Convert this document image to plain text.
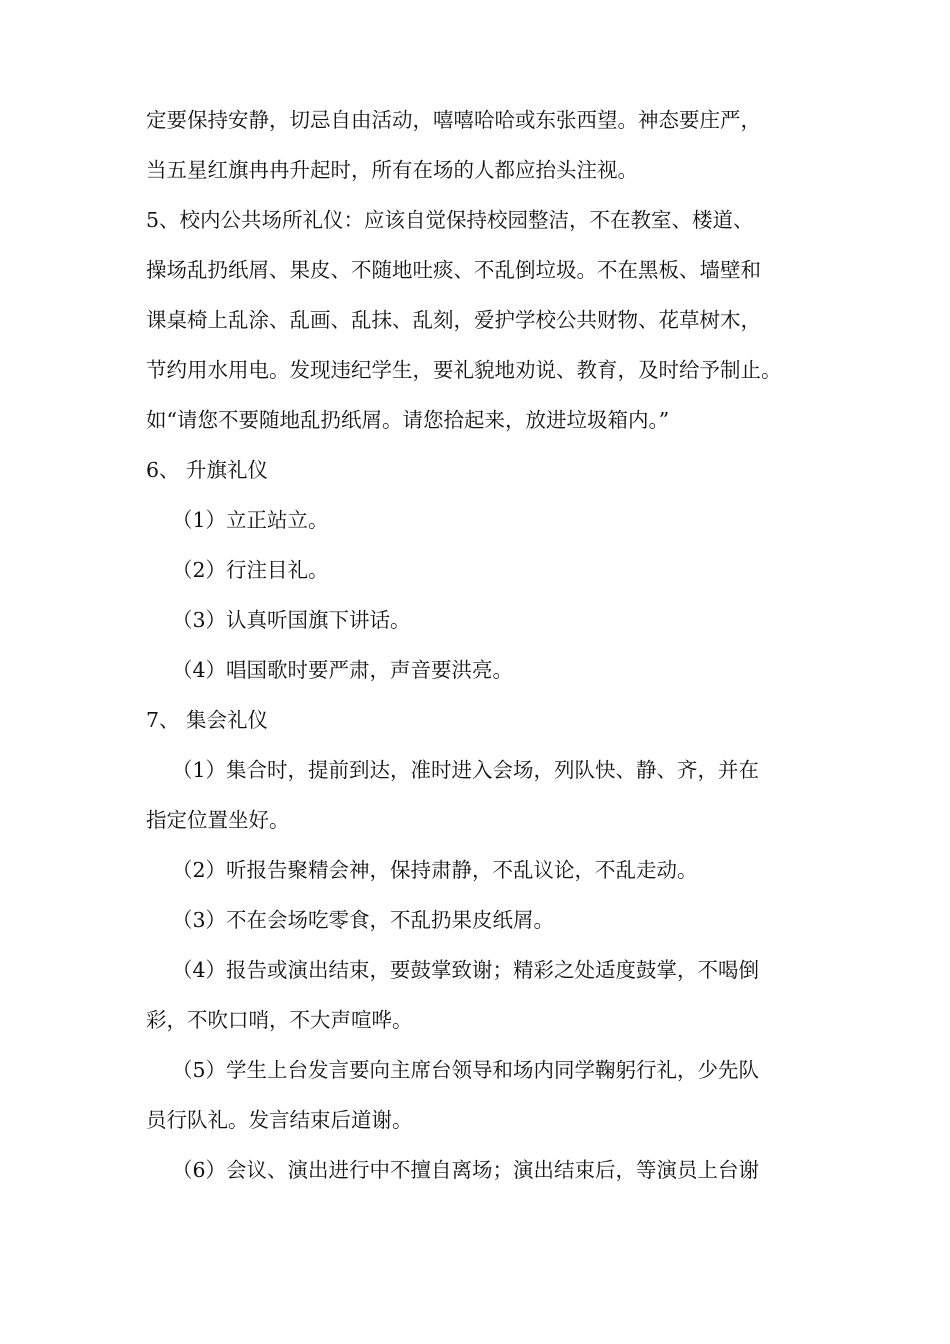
定要保持安静，切忌自由活动，嘻嘻哈哈或东张西望。神态要庄严，
当五星红旗冉冉升起时，所有在场的人都应抬头注视。
5、校内公共场所礼仪：应该自觉保持校园整洁，不在教室、楼道、
操场乱扔纸屑、果皮、不随地吐痰、不乱倒垃圾。不在黑板、墙壁和
课桌椅上乱涂、乱画、乱抹、乱刻，爱护学校公共财物、花草树木，
节约用水用电。发现违纪学生，要礼貌地劝说、教育，及时给予制止。
如“请您不要随地乱扔纸屑。请您拾起来，放进垃圾箱内。”
6、 升旗礼仪
（1）立正站立。
（2）行注目礼。
（3）认真听国旗下讲话。
（4）唱国歌时要严肃，声音要洪亮。
7、 集会礼仪
（1）集合时，提前到达，准时进入会场，列队快、静、齐，并在
指定位置坐好。
（2）听报告聚精会神，保持肃静，不乱议论，不乱走动。
（3）不在会场吃零食，不乱扔果皮纸屑。
（4）报告或演出结束，要鼓掌致谢；精彩之处适度鼓掌，不喝倒
彩，不吹口哨，不大声喧哗。
（5）学生上台发言要向主席台领导和场内同学鞠躬行礼，少先队
员行队礼。发言结束后道谢。
（6）会议、演出进行中不擅自离场；演出结束后，等演员上台谢
